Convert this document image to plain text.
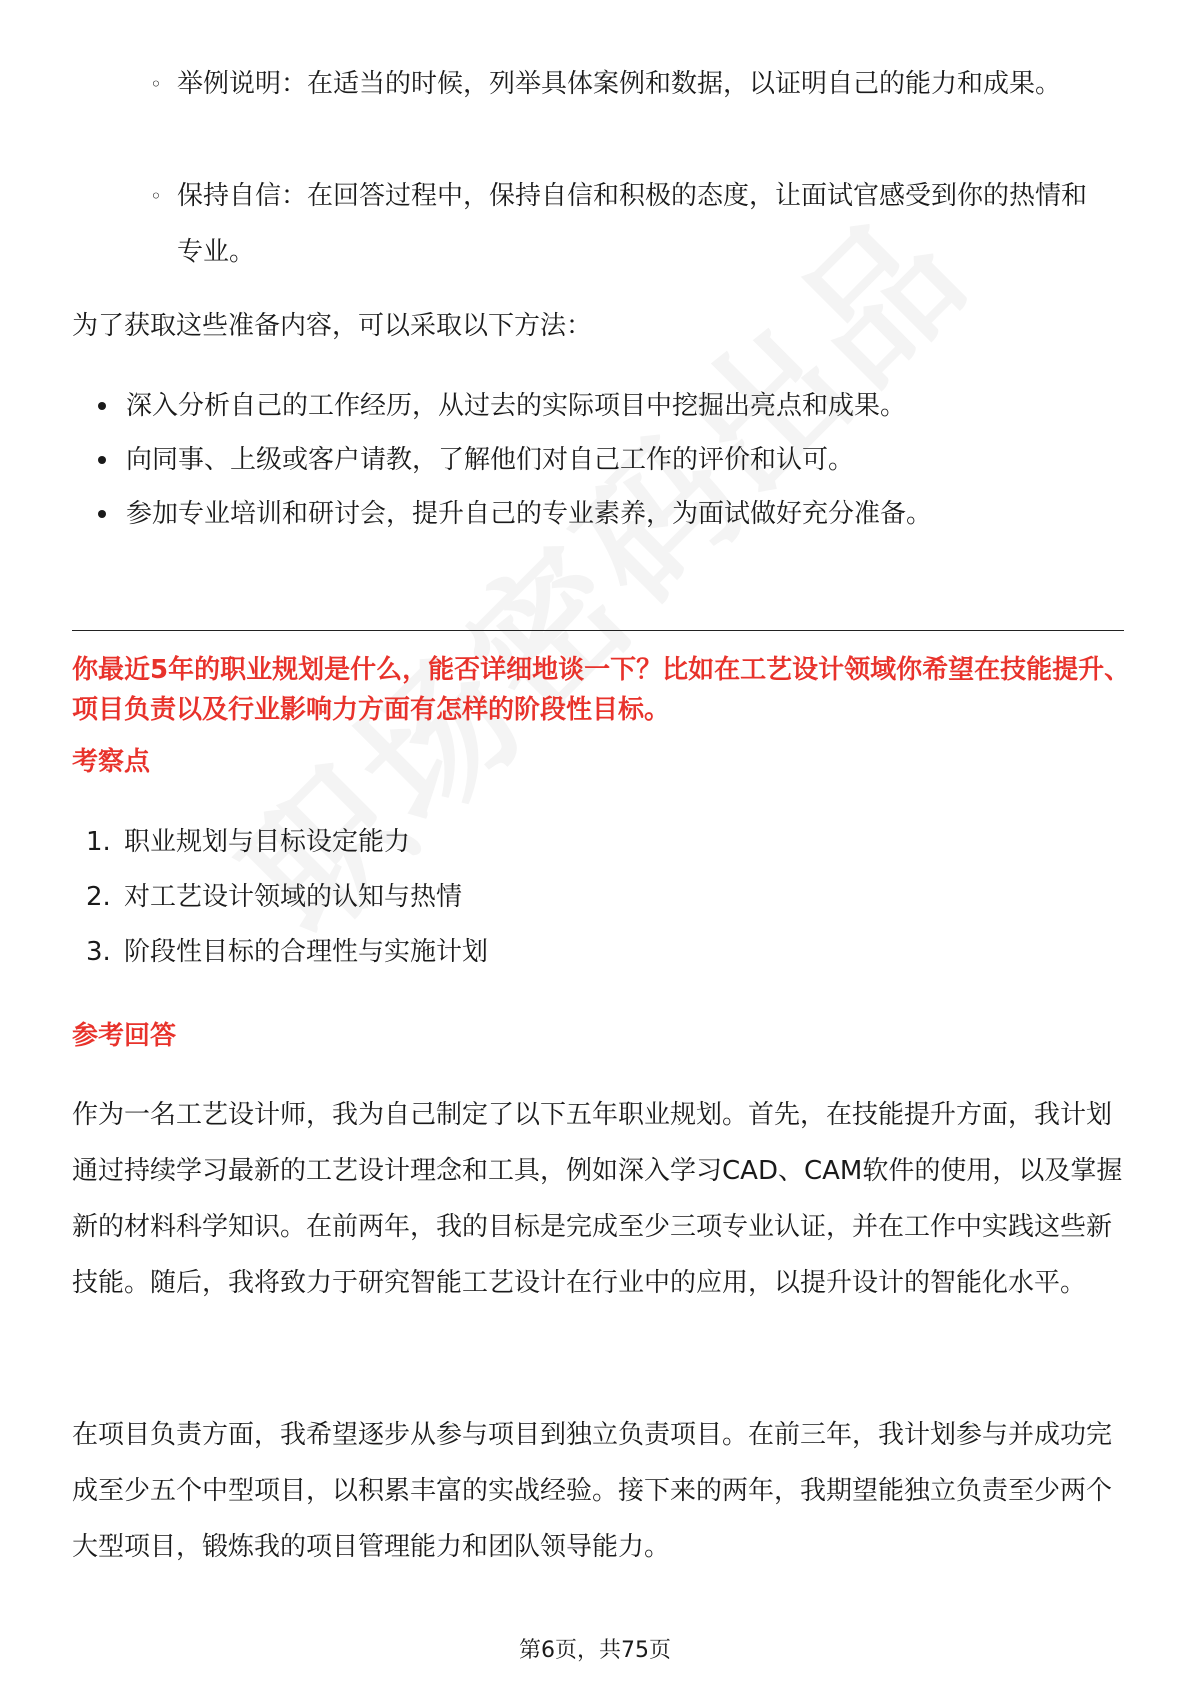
◦ 举例说明：在适当的时候，列举具体案例和数据，以证明自己的能力和成果。
◦ 保持自信：在回答过程中，保持自信和积极的态度，让面试官感受到你的热情和专业。
为了获取这些准备内容，可以采取以下方法：
深入分析自己的工作经历，从过去的实际项目中挖掘出亮点和成果。
向同事、上级或客户请教，了解他们对自己工作的评价和认可。
参加专业培训和研讨会，提升自己的专业素养，为面试做好充分准备。
你最近5年的职业规划是什么，能否详细地谈一下？比如在工艺设计领域你希望在技能提升、项目负责以及行业影响力方面有怎样的阶段性目标。
考察点
1. 职业规划与目标设定能力
2. 对工艺设计领域的认知与热情
3. 阶段性目标的合理性与实施计划
参考回答
作为一名工艺设计师，我为自己制定了以下五年职业规划。首先，在技能提升方面，我计划通过持续学习最新的工艺设计理念和工具，例如深入学习CAD、CAM软件的使用，以及掌握新的材料科学知识。在前两年，我的目标是完成至少三项专业认证，并在工作中实践这些新技能。随后，我将致力于研究智能工艺设计在行业中的应用，以提升设计的智能化水平。
在项目负责方面，我希望逐步从参与项目到独立负责项目。在前三年，我计划参与并成功完成至少五个中型项目，以积累丰富的实战经验。接下来的两年，我期望能独立负责至少两个大型项目，锻炼我的项目管理能力和团队领导能力。
第6页，共75页
